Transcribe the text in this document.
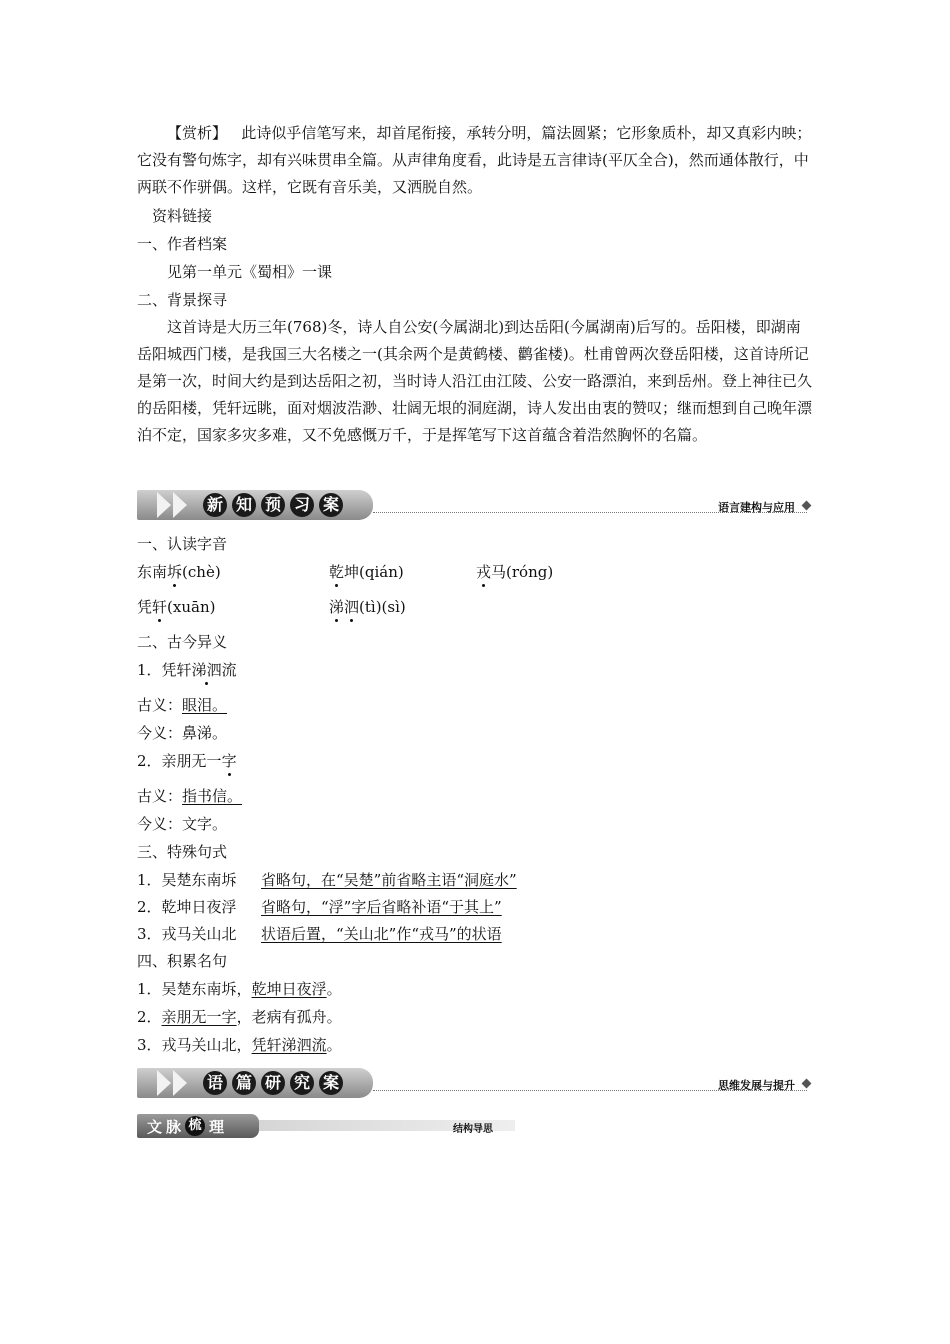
【赏析】 此诗似乎信笔写来，却首尾衔接，承转分明，篇法圆紧；它形象质朴，却又真彩内映；它没有警句炼字，却有兴味贯串全篇。从声律角度看，此诗是五言律诗(平仄全合)，然而通体散行，中两联不作骈偶。这样，它既有音乐美，又洒脱自然。

资料链接
一、作者档案
见第一单元《蜀相》一课
二、背景探寻

这首诗是大历三年(768)冬，诗人自公安(今属湖北)到达岳阳(今属湖南)后写的。岳阳楼，即湖南岳阳城西门楼，是我国三大名楼之一(其余两个是黄鹤楼、鹳雀楼)。杜甫曾两次登岳阳楼，这首诗所记是第一次，时间大约是到达岳阳之初，当时诗人沿江由江陵、公安一路漂泊，来到岳州。登上神往已久的岳阳楼，凭轩远眺，面对烟波浩渺、壮阔无垠的洞庭湖，诗人发出由衷的赞叹；继而想到自己晚年漂泊不定，国家多灾多难，又不免感慨万千，于是挥笔写下这首蕴含着浩然胸怀的名篇。

新 知 预 习 案	语言建构与应用
一、认读字音
东南坼(chè)	乾坤(qián)	戎马(róng)
凭轩(xuān)	涕泗(tì)(sì)
二、古今异义
1．凭轩涕泗流
古义：眼泪。
今义：鼻涕。
2．亲朋无一字
古义：指书信。
今义：文字。
三、特殊句式
1．吴楚东南坼 省略句，在“吴楚”前省略主语“洞庭水”
2．乾坤日夜浮 省略句，“浮”字后省略补语“于其上”
3．戎马关山北 状语后置，“关山北”作“戎马”的状语
四、积累名句
1．吴楚东南坼，乾坤日夜浮。
2．亲朋无一字，老病有孤舟。
3．戎马关山北，凭轩涕泗流。
语 篇 研 究 案	思维发展与提升
文 脉 梳 理	结构导思
